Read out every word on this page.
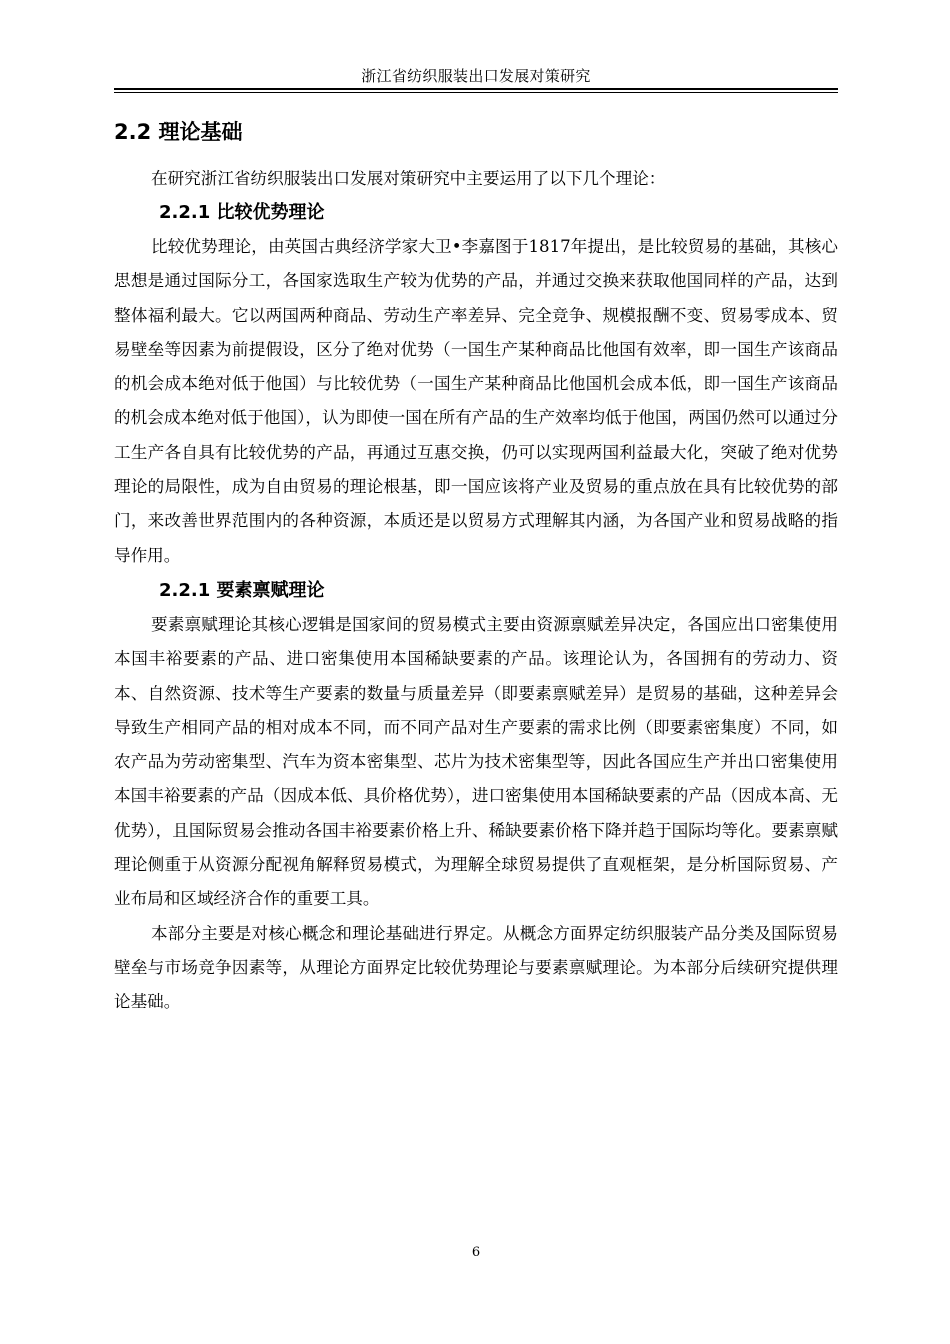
浙江省纺织服装出口发展对策研究
2.2 理论基础

在研究浙江省纺织服装出口发展对策研究中主要运用了以下几个理论：

2.2.1 比较优势理论

比较优势理论，由英国古典经济学家大卫•李嘉图于1817年提出，是比较贸易的基础，其核心思想是通过国际分工，各国家选取生产较为优势的产品，并通过交换来获取他国同样的产品，达到整体福利最大。它以两国两种商品、劳动生产率差异、完全竞争、规模报酬不变、贸易零成本、贸易壁垒等因素为前提假设，区分了绝对优势（一国生产某种商品比他国有效率，即一国生产该商品的机会成本绝对低于他国）与比较优势（一国生产某种商品比他国机会成本低，即一国生产该商品的机会成本绝对低于他国），认为即使一国在所有产品的生产效率均低于他国，两国仍然可以通过分工生产各自具有比较优势的产品，再通过互惠交换，仍可以实现两国利益最大化，突破了绝对优势理论的局限性，成为自由贸易的理论根基，即一国应该将产业及贸易的重点放在具有比较优势的部门，来改善世界范围内的各种资源，本质还是以贸易方式理解其内涵，为各国产业和贸易战略的指导作用。

2.2.1 要素禀赋理论

要素禀赋理论其核心逻辑是国家间的贸易模式主要由资源禀赋差异决定，各国应出口密集使用本国丰裕要素的产品、进口密集使用本国稀缺要素的产品。该理论认为，各国拥有的劳动力、资本、自然资源、技术等生产要素的数量与质量差异（即要素禀赋差异）是贸易的基础，这种差异会导致生产相同产品的相对成本不同，而不同产品对生产要素的需求比例（即要素密集度）不同，如农产品为劳动密集型、汽车为资本密集型、芯片为技术密集型等，因此各国应生产并出口密集使用本国丰裕要素的产品（因成本低、具价格优势），进口密集使用本国稀缺要素的产品（因成本高、无优势），且国际贸易会推动各国丰裕要素价格上升、稀缺要素价格下降并趋于国际均等化。要素禀赋理论侧重于从资源分配视角解释贸易模式，为理解全球贸易提供了直观框架，是分析国际贸易、产业布局和区域经济合作的重要工具。

本部分主要是对核心概念和理论基础进行界定。从概念方面界定纺织服装产品分类及国际贸易壁垒与市场竞争因素等，从理论方面界定比较优势理论与要素禀赋理论。为本部分后续研究提供理论基础。

6
